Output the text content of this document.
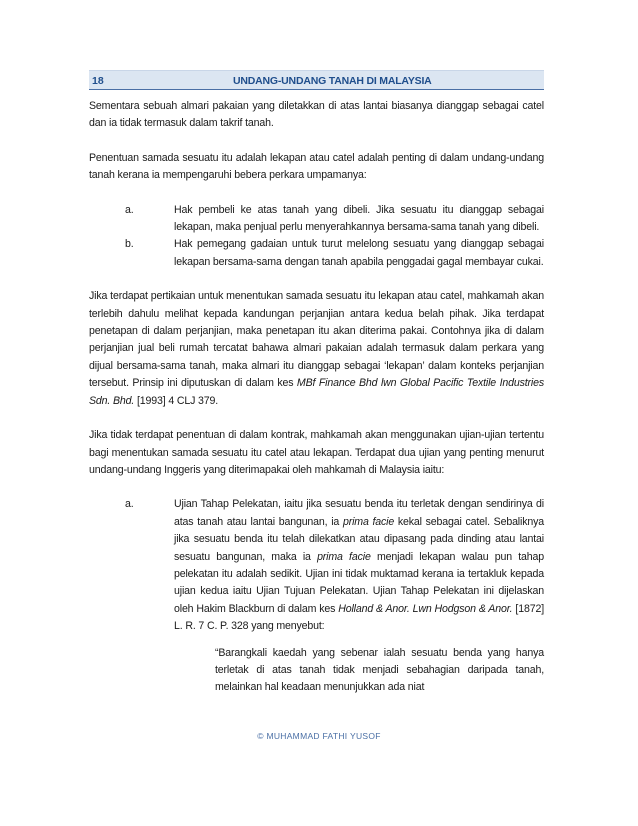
18	UNDANG-UNDANG TANAH DI MALAYSIA

Sementara sebuah almari pakaian yang diletakkan di atas lantai biasanya dianggap sebagai catel dan ia tidak termasuk dalam takrif tanah.

Penentuan samada sesuatu itu adalah lekapan atau catel adalah penting di dalam undang-undang tanah kerana ia mempengaruhi bebera perkara umpamanya:

a.	Hak pembeli ke atas tanah yang dibeli. Jika sesuatu itu dianggap sebagai lekapan, maka penjual perlu menyerahkannya bersama-sama tanah yang dibeli.
b.	Hak pemegang gadaian untuk turut melelong sesuatu yang dianggap sebagai lekapan bersama-sama dengan tanah apabila penggadai gagal membayar cukai.

Jika terdapat pertikaian untuk menentukan samada sesuatu itu lekapan atau catel, mahkamah akan terlebih dahulu melihat kepada kandungan perjanjian antara kedua belah pihak. Jika terdapat penetapan di dalam perjanjian, maka penetapan itu akan diterima pakai. Contohnya jika di dalam perjanjian jual beli rumah tercatat bahawa almari pakaian adalah termasuk dalam perkara yang dijual bersama-sama tanah, maka almari itu dianggap sebagai ‘lekapan’ dalam konteks perjanjian tersebut. Prinsip ini diputuskan di dalam kes MBf Finance Bhd lwn Global Pacific Textile Industries Sdn. Bhd. [1993] 4 CLJ 379.

Jika tidak terdapat penentuan di dalam kontrak, mahkamah akan menggunakan ujian-ujian tertentu bagi menentukan samada sesuatu itu catel atau lekapan. Terdapat dua ujian yang penting menurut undang-undang Inggeris yang diterimapakai oleh mahkamah di Malaysia iaitu:

a.	Ujian Tahap Pelekatan, iaitu jika sesuatu benda itu terletak dengan sendirinya di atas tanah atau lantai bangunan, ia prima facie kekal sebagai catel. Sebaliknya jika sesuatu benda itu telah dilekatkan atau dipasang pada dinding atau lantai sesuatu bangunan, maka ia prima facie menjadi lekapan walau pun tahap pelekatan itu adalah sedikit. Ujian ini tidak muktamad kerana ia tertakluk kepada ujian kedua iaitu Ujian Tujuan Pelekatan. Ujian Tahap Pelekatan ini dijelaskan oleh Hakim Blackburn di dalam kes Holland & Anor. Lwn Hodgson & Anor. [1872] L. R. 7 C. P. 328 yang menyebut:
“Barangkali kaedah yang sebenar ialah sesuatu benda yang hanya terletak di atas tanah tidak menjadi sebahagian daripada tanah, melainkan hal keadaan menunjukkan ada niat
© MUHAMMAD FATHI YUSOF
